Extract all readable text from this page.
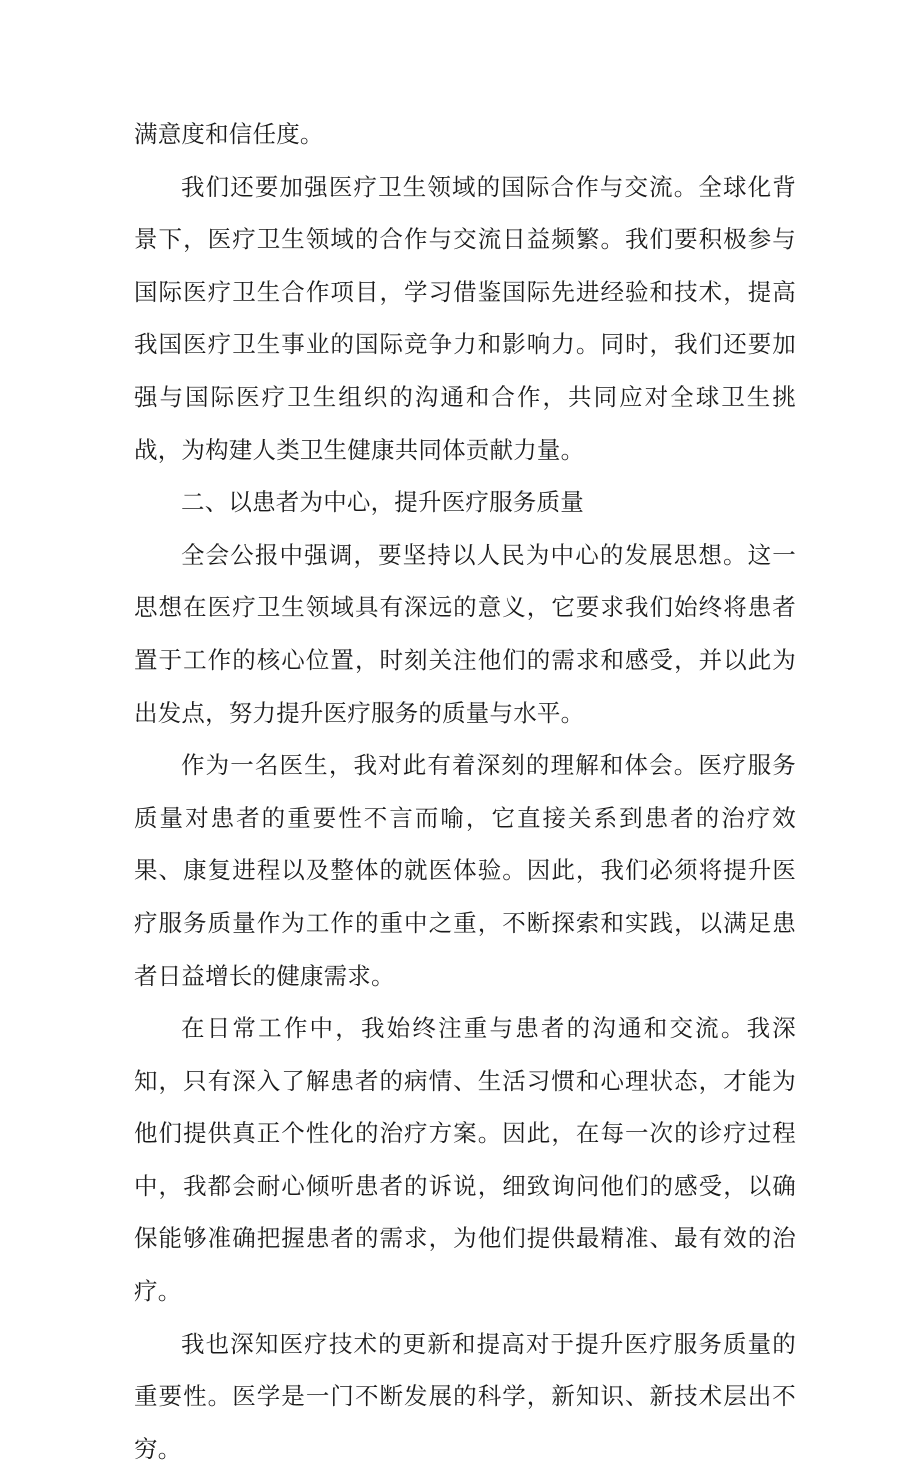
满意度和信任度。

我们还要加强医疗卫生领域的国际合作与交流。全球化背景下，医疗卫生领域的合作与交流日益频繁。我们要积极参与国际医疗卫生合作项目，学习借鉴国际先进经验和技术，提高我国医疗卫生事业的国际竞争力和影响力。同时，我们还要加强与国际医疗卫生组织的沟通和合作，共同应对全球卫生挑战，为构建人类卫生健康共同体贡献力量。

二、以患者为中心，提升医疗服务质量

全会公报中强调，要坚持以人民为中心的发展思想。这一思想在医疗卫生领域具有深远的意义，它要求我们始终将患者置于工作的核心位置，时刻关注他们的需求和感受，并以此为出发点，努力提升医疗服务的质量与水平。

作为一名医生，我对此有着深刻的理解和体会。医疗服务质量对患者的重要性不言而喻，它直接关系到患者的治疗效果、康复进程以及整体的就医体验。因此，我们必须将提升医疗服务质量作为工作的重中之重，不断探索和实践，以满足患者日益增长的健康需求。

在日常工作中，我始终注重与患者的沟通和交流。我深知，只有深入了解患者的病情、生活习惯和心理状态，才能为他们提供真正个性化的治疗方案。因此，在每一次的诊疗过程中，我都会耐心倾听患者的诉说，细致询问他们的感受，以确保能够准确把握患者的需求，为他们提供最精准、最有效的治疗。

我也深知医疗技术的更新和提高对于提升医疗服务质量的重要性。医学是一门不断发展的科学，新知识、新技术层出不穷。
